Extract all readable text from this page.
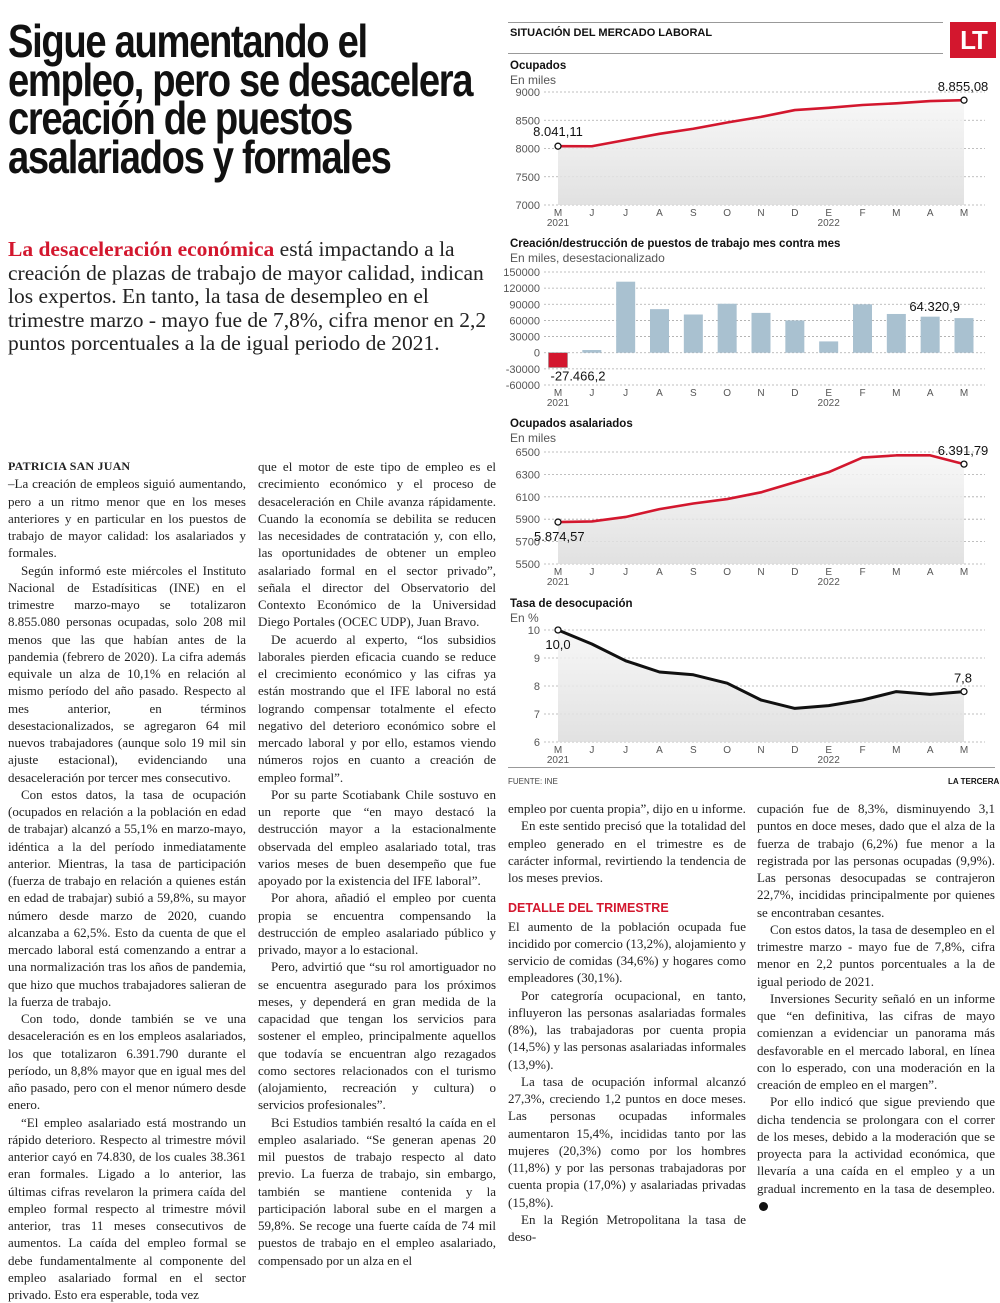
Sigue aumentando el
empleo, pero se desacelera
creación de puestos
asalariados y formales
La desaceleración económica está impactando a la creación de plazas de trabajo de mayor calidad, indican los expertos. En tanto, la tasa de desempleo en el trimestre marzo - mayo fue de 7,8%, cifra menor en 2,2 puntos porcentuales a la de igual periodo de 2021.

PATRICIA SAN JUAN

–La creación de empleos siguió aumentando, pero a un ritmo menor que en los meses anteriores y en particular en los puestos de trabajo de mayor calidad: los asalariados y formales.

Según informó este miércoles el Instituto Nacional de Estadísiticas (INE) en el trimestre marzo-mayo se totalizaron 8.855.080 personas ocupadas, solo 208 mil menos que las que habían antes de la pandemia (febrero de 2020). La cifra además equivale un alza de 10,1% en relación al mismo período del año pasado. Respecto al mes anterior, en términos desestacionalizados, se agregaron 64 mil nuevos trabajadores (aunque solo 19 mil sin ajuste estacional), evidenciando una desaceleración por tercer mes consecutivo.

Con estos datos, la tasa de ocupación (ocupados en relación a la población en edad de trabajar) alcanzó a 55,1% en marzo-mayo, idéntica a la del período inmediatamente anterior. Mientras, la tasa de participación (fuerza de trabajo en relación a quienes están en edad de trabajar) subió a 59,8%, su mayor número desde marzo de 2020, cuando alcanzaba a 62,5%. Esto da cuenta de que el mercado laboral está comenzando a entrar a una normalización tras los años de pandemia, que hizo que muchos trabajadores salieran de la fuerza de trabajo.

Con todo, donde también se ve una desaceleración es en los empleos asalariados, los que totalizaron 6.391.790 durante el período, un 8,8% mayor que en igual mes del año pasado, pero con el menor número desde enero.

“El empleo asalariado está mostrando un rápido deterioro. Respecto al trimestre móvil anterior cayó en 74.830, de los cuales 38.361 eran formales. Ligado a lo anterior, las últimas cifras revelaron la primera caída del empleo formal respecto al trimestre móvil anterior, tras 11 meses consecutivos de aumentos. La caída del empleo formal se debe fundamentalmente al componente del empleo asalariado formal en el sector privado. Esto era esperable, toda vez

que el motor de este tipo de empleo es el crecimiento económico y el proceso de desaceleración en Chile avanza rápidamente. Cuando la economía se debilita se reducen las necesidades de contratación y, con ello, las oportunidades de obtener un empleo asalariado formal en el sector privado”, señala el director del Observatorio del Contexto Económico de la Universidad Diego Portales (OCEC UDP), Juan Bravo.

De acuerdo al experto, “los subsidios laborales pierden eficacia cuando se reduce el crecimiento económico y las cifras ya están mostrando que el IFE laboral no está logrando compensar totalmente el efecto negativo del deterioro económico sobre el mercado laboral y por ello, estamos viendo números rojos en cuanto a creación de empleo formal”.

Por su parte Scotiabank Chile sostuvo en un reporte que “en mayo destacó la destrucción mayor a la estacionalmente observada del empleo asalariado total, tras varios meses de buen desempeño que fue apoyado por la existencia del IFE laboral”.

Por ahora, añadió el empleo por cuenta propia se encuentra compensando la destrucción de empleo asalariado público y privado, mayor a lo estacional.

Pero, advirtió que “su rol amortiguador no se encuentra asegurado para los próximos meses, y dependerá en gran medida de la capacidad que tengan los servicios para sostener el empleo, principalmente aquellos que todavía se encuentran algo rezagados como sectores relacionados con el turismo (alojamiento, recreación y cultura) o servicios profesionales”.

Bci Estudios también resaltó la caída en el empleo asalariado. “Se generan apenas 20 mil puestos de trabajo respecto al dato previo. La fuerza de trabajo, sin embargo, también se mantiene contenida y la participación laboral sube en el margen a 59,8%. Se recoge una fuerte caída de 74 mil puestos de trabajo en el empleo asalariado, compensado por un alza en el

empleo por cuenta propia”, dijo en u informe.

En este sentido precisó que la totalidad del empleo generado en el trimestre es de carácter informal, revirtiendo la tendencia de los meses previos.

DETALLE DEL TRIMESTRE

El aumento de la población ocupada fue incidido por comercio (13,2%), alojamiento y servicio de comidas (34,6%) y hogares como empleadores (30,1%).

Por categroría ocupacional, en tanto, influyeron las personas asalariadas formales (8%), las trabajadoras por cuenta propia (14,5%) y las personas asalariadas informales (13,9%).

La tasa de ocupación informal alcanzó 27,3%, creciendo 1,2 puntos en doce meses. Las personas ocupadas informales aumentaron 15,4%, incididas tanto por las mujeres (20,3%) como por los hombres (11,8%) y por las personas trabajadoras por cuenta propia (17,0%) y asalariadas privadas (15,8%).

En la Región Metropolitana la tasa de deso-

cupación fue de 8,3%, disminuyendo 3,1 puntos en doce meses, dado que el alza de la fuerza de trabajo (6,2%) fue menor a la registrada por las personas ocupadas (9,9%). Las personas desocupadas se contrajeron 22,7%, incididas principalmente por quienes se encontraban cesantes.

Con estos datos, la tasa de desempleo en el trimestre marzo - mayo fue de 7,8%, cifra menor en 2,2 puntos porcentuales a la de igual periodo de 2021.

Inversiones Security señaló en un informe que “en definitiva, las cifras de mayo comienzan a evidenciar un panorama más desfavorable en el mercado laboral, en línea con lo esperado, con una moderación en la creación de empleo en el margen”.

Por ello indicó que sigue previendo que dicha tendencia se prolongara con el correr de los meses, debido a la moderación que se proyecta para la actividad económica, que llevaría a una caída en el empleo y a un gradual incremento en la tasa de desempleo.

SITUACIÓN DEL MERCADO LABORAL	LT
Ocupados
En miles
Creación/destrucción de puestos de trabajo mes contra mes
En miles, desestacionalizado
Ocupados asalariados
En miles
Tasa de desocupación
En %
9000
8500
8000
7500
7000
M	J	J	A	S	O	N	D	E	F	M	A	M
2021	2022
8.041,11
8.855,08
150000
120000
90000
60000
30000
0
-30000
-60000
M	J	J	A	S	O	N	D	E	F	M	A	M
2021	2022
-27.466,2
64.320,9
6500
6300
6100
5900
5700
5500
M	J	J	A	S	O	N	D	E	F	M	A	M
2021	2022
5.874,57
6.391,79
10
9
8
7
6
M	J	J	A	S	O	N	D	E	F	M	A	M
2021	2022
10,0
7,8
FUENTE: INE	LA TERCERA
